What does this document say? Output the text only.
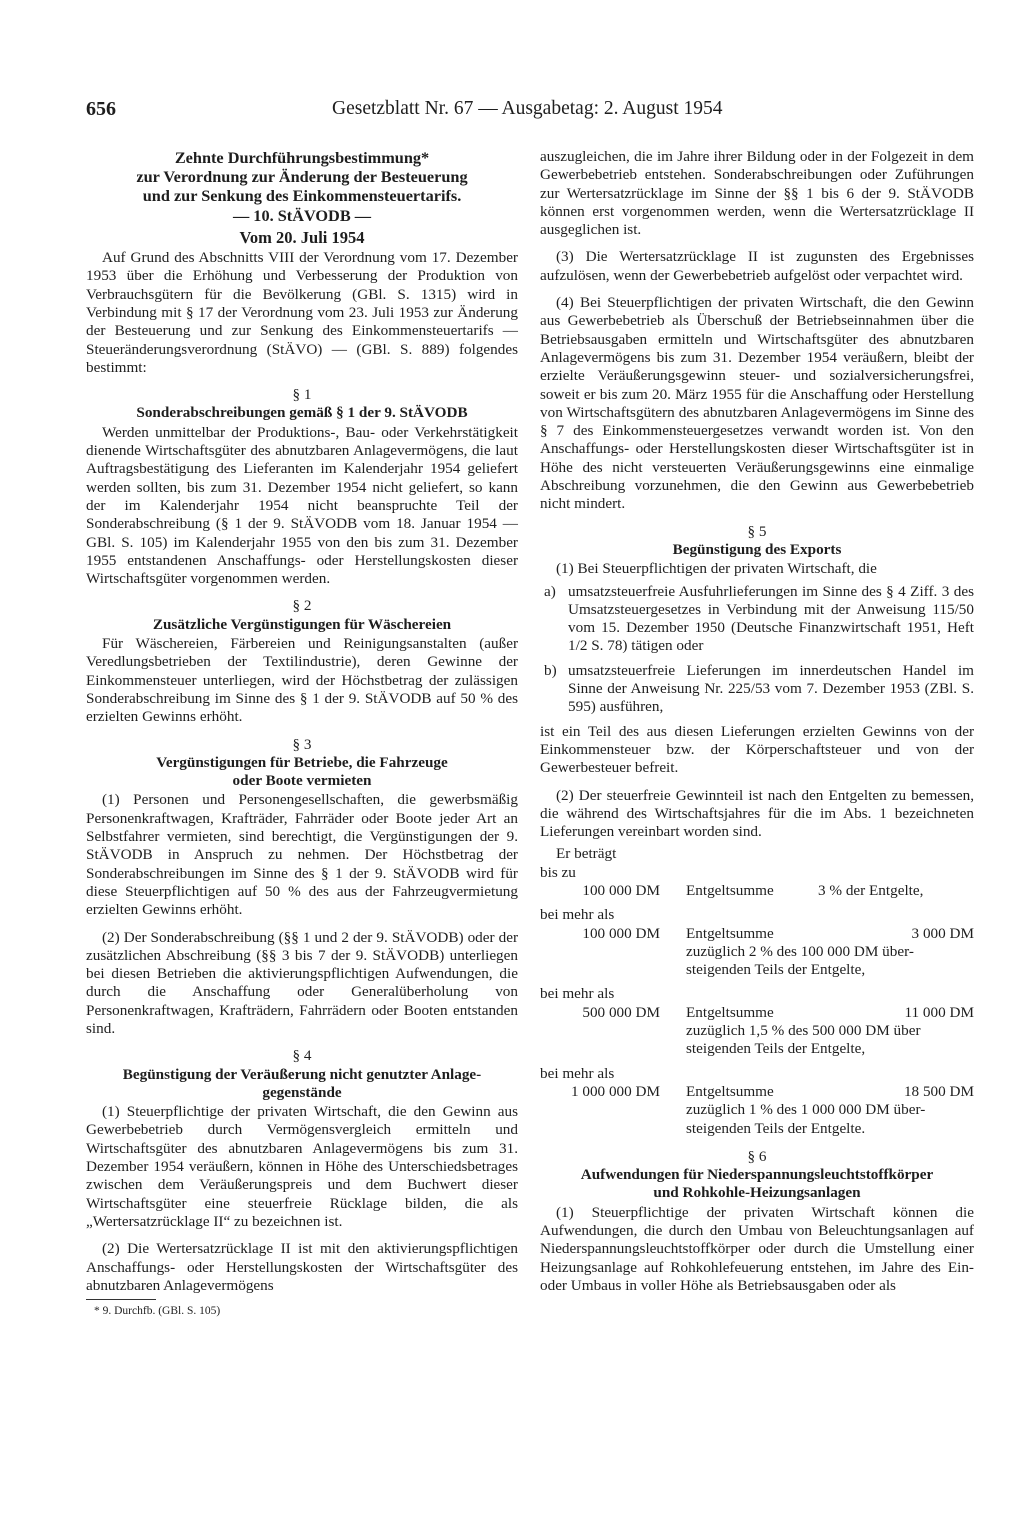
656	Gesetzblatt Nr. 67 — Ausgabetag: 2. August 1954
Zehnte Durchführungsbestimmung*
zur Verordnung zur Änderung der Besteuerung
und zur Senkung des Einkommensteuertarifs.
— 10. StÄVODB —
Vom 20. Juli 1954

Auf Grund des Abschnitts VIII der Verordnung vom 17. Dezember 1953 über die Erhöhung und Verbesserung der Produktion von Verbrauchsgütern für die Bevölkerung (GBl. S. 1315) wird in Verbindung mit § 17 der Verordnung vom 23. Juli 1953 zur Änderung der Besteuerung und zur Senkung des Einkommensteuertarifs — Steueränderungsverordnung (StÄVO) — (GBl. S. 889) folgendes bestimmt:

§ 1
Sonderabschreibungen gemäß § 1 der 9. StÄVODB

Werden unmittelbar der Produktions-, Bau- oder Verkehrstätigkeit dienende Wirtschaftsgüter des abnutzbaren Anlagevermögens, die laut Auftragsbestätigung des Lieferanten im Kalenderjahr 1954 geliefert werden sollten, bis zum 31. Dezember 1954 nicht geliefert, so kann der im Kalenderjahr 1954 nicht beanspruchte Teil der Sonderabschreibung (§ 1 der 9. StÄVODB vom 18. Januar 1954 — GBl. S. 105) im Kalenderjahr 1955 von den bis zum 31. Dezember 1955 entstandenen Anschaffungs- oder Herstellungskosten dieser Wirtschaftsgüter vorgenommen werden.

§ 2
Zusätzliche Vergünstigungen für Wäschereien

Für Wäschereien, Färbereien und Reinigungsanstalten (außer Veredlungsbetrieben der Textilindustrie), deren Gewinne der Einkommensteuer unterliegen, wird der Höchstbetrag der zulässigen Sonderabschreibung im Sinne des § 1 der 9. StÄVODB auf 50 % des erzielten Gewinns erhöht.

§ 3
Vergünstigungen für Betriebe, die Fahrzeuge
oder Boote vermieten

(1) Personen und Personengesellschaften, die gewerbsmäßig Personenkraftwagen, Krafträder, Fahrräder oder Boote jeder Art an Selbstfahrer vermieten, sind berechtigt, die Vergünstigungen der 9. StÄVODB in Anspruch zu nehmen. Der Höchstbetrag der Sonderabschreibungen im Sinne des § 1 der 9. StÄVODB wird für diese Steuerpflichtigen auf 50 % des aus der Fahrzeugvermietung erzielten Gewinns erhöht.

(2) Der Sonderabschreibung (§§ 1 und 2 der 9. StÄVODB) oder der zusätzlichen Abschreibung (§§ 3 bis 7 der 9. StÄVODB) unterliegen bei diesen Betrieben die aktivierungspflichtigen Aufwendungen, die durch die Anschaffung oder Generalüberholung von Personenkraftwagen, Krafträdern, Fahrrädern oder Booten entstanden sind.

§ 4
Begünstigung der Veräußerung nicht genutzter Anlage-
gegenstände

(1) Steuerpflichtige der privaten Wirtschaft, die den Gewinn aus Gewerbebetrieb durch Vermögensvergleich ermitteln und Wirtschaftsgüter des abnutzbaren Anlagevermögens bis zum 31. Dezember 1954 veräußern, können in Höhe des Unterschiedsbetrages zwischen dem Veräußerungspreis und dem Buchwert dieser Wirtschaftsgüter eine steuerfreie Rücklage bilden, die als „Wertersatzrücklage II“ zu bezeichnen ist.

(2) Die Wertersatzrücklage II ist mit den aktivierungspflichtigen Anschaffungs- oder Herstellungskosten der Wirtschaftsgüter des abnutzbaren Anlagevermögens

* 9. Durchfb. (GBl. S. 105)

auszugleichen, die im Jahre ihrer Bildung oder in der Folgezeit in dem Gewerbebetrieb entstehen. Sonderabschreibungen oder Zuführungen zur Wertersatzrücklage im Sinne der §§ 1 bis 6 der 9. StÄVODB können erst vorgenommen werden, wenn die Wertersatzrücklage II ausgeglichen ist.

(3) Die Wertersatzrücklage II ist zugunsten des Ergebnisses aufzulösen, wenn der Gewerbebetrieb aufgelöst oder verpachtet wird.

(4) Bei Steuerpflichtigen der privaten Wirtschaft, die den Gewinn aus Gewerbebetrieb als Überschuß der Betriebseinnahmen über die Betriebsausgaben ermitteln und Wirtschaftsgüter des abnutzbaren Anlagevermögens bis zum 31. Dezember 1954 veräußern, bleibt der erzielte Veräußerungsgewinn steuer- und sozialversicherungsfrei, soweit er bis zum 20. März 1955 für die Anschaffung oder Herstellung von Wirtschaftsgütern des abnutzbaren Anlagevermögens im Sinne des § 7 des Einkommensteuergesetzes verwandt worden ist. Von den Anschaffungs- oder Herstellungskosten dieser Wirtschaftsgüter ist in Höhe des nicht versteuerten Veräußerungsgewinns eine einmalige Abschreibung vorzunehmen, die den Gewinn aus Gewerbebetrieb nicht mindert.

§ 5
Begünstigung des Exports

(1) Bei Steuerpflichtigen der privaten Wirtschaft, die

a) umsatzsteuerfreie Ausfuhrlieferungen im Sinne des § 4 Ziff. 3 des Umsatzsteuergesetzes in Verbindung mit der Anweisung 115/50 vom 15. Dezember 1950 (Deutsche Finanzwirtschaft 1951, Heft 1/2 S. 78) tätigen oder
b) umsatzsteuerfreie Lieferungen im innerdeutschen Handel im Sinne der Anweisung Nr. 225/53 vom 7. Dezember 1953 (ZBl. S. 595) ausführen,

ist ein Teil des aus diesen Lieferungen erzielten Gewinns von der Einkommensteuer bzw. der Körperschaftsteuer und von der Gewerbesteuer befreit.

(2) Der steuerfreie Gewinnteil ist nach den Entgelten zu bemessen, die während des Wirtschaftsjahres für die im Abs. 1 bezeichneten Lieferungen vereinbart worden sind.

Er beträgt
bis zu
100 000 DM	Entgeltsumme	3 % der Entgelte,
bei mehr als
100 000 DM	Entgeltsumme	3 000 DM
zuzüglich 2 % des 100 000 DM über-
steigenden Teils der Entgelte,
bei mehr als
500 000 DM	Entgeltsumme	11 000 DM
zuzüglich 1,5 % des 500 000 DM über
steigenden Teils der Entgelte,
bei mehr als
1 000 000 DM	Entgeltsumme	18 500 DM
zuzüglich 1 % des 1 000 000 DM über-
steigenden Teils der Entgelte.
§ 6
Aufwendungen für Niederspannungsleuchtstoffkörper
und Rohkohle-Heizungsanlagen

(1) Steuerpflichtige der privaten Wirtschaft können die Aufwendungen, die durch den Umbau von Beleuchtungsanlagen auf Niederspannungsleuchtstoffkörper oder durch die Umstellung einer Heizungsanlage auf Rohkohlefeuerung entstehen, im Jahre des Ein- oder Umbaus in voller Höhe als Betriebsausgaben oder als
